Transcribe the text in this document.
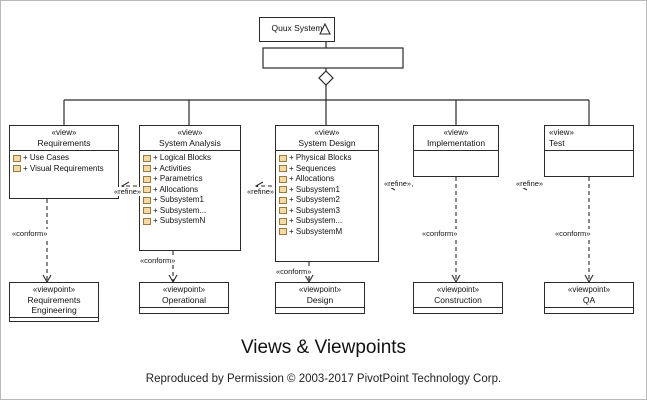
Quux System
«view»
Requirements
+ Use Cases
+ Visual Requirements
«view»
System Analysis
+ Logical Blocks
+ Activities
+ Parametrics
+ Allocations
+ Subsystem1
+ Subsystem...
+ SubsystemN
«view»
System Design
+ Physical Blocks
+ Sequences
+ Allocations
+ Subsystem1
+ Subsystem2
+ Subsystem3
+ Subsystem...
+ SubsystemM
«view»
Implementation
«view»
Test
«viewpoint»
Requirements Engineering
«viewpoint»
Operational
«viewpoint»
Design
«viewpoint»
Construction
«viewpoint»
QA
«refine»	«refine»
«refine»	«refine»
«conform»
«conform»
«conform»
«conform»	«conform»
Views & Viewpoints
Reproduced by Permission © 2003-2017 PivotPoint Technology Corp.
